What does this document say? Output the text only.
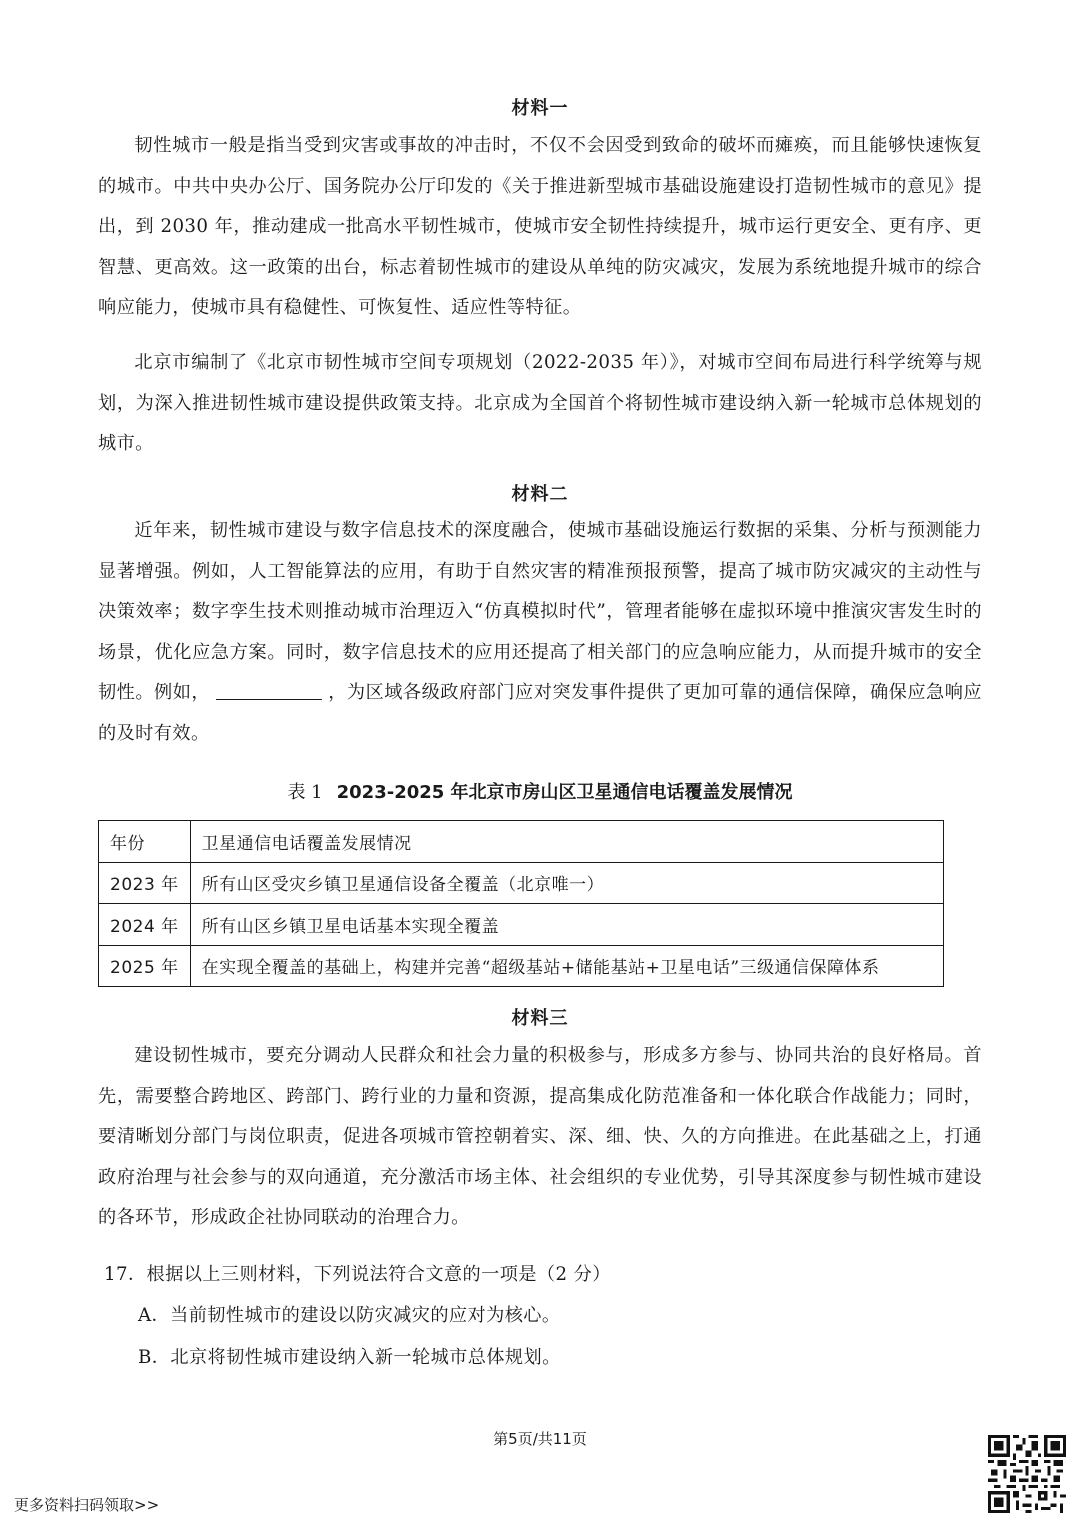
材料一

韧性城市一般是指当受到灾害或事故的冲击时，不仅不会因受到致命的破坏而瘫痪，而且能够快速恢复的城市。中共中央办公厅、国务院办公厅印发的《关于推进新型城市基础设施建设打造韧性城市的意见》提出，到 2030 年，推动建成一批高水平韧性城市，使城市安全韧性持续提升，城市运行更安全、更有序、更智慧、更高效。这一政策的出台，标志着韧性城市的建设从单纯的防灾减灾，发展为系统地提升城市的综合响应能力，使城市具有稳健性、可恢复性、适应性等特征。

北京市编制了《北京市韧性城市空间专项规划（2022-2035 年）》，对城市空间布局进行科学统筹与规划，为深入推进韧性城市建设提供政策支持。北京成为全国首个将韧性城市建设纳入新一轮城市总体规划的城市。

材料二

近年来，韧性城市建设与数字信息技术的深度融合，使城市基础设施运行数据的采集、分析与预测能力显著增强。例如，人工智能算法的应用，有助于自然灾害的精准预报预警，提高了城市防灾减灾的主动性与决策效率；数字孪生技术则推动城市治理迈入“仿真模拟时代”，管理者能够在虚拟环境中推演灾害发生时的场景，优化应急方案。同时，数字信息技术的应用还提高了相关部门的应急响应能力，从而提升城市的安全韧性。例如，	，为区域各级政府部门应对突发事件提供了更加可靠的通信保障，确保应急响应的及时有效。

表 1 2023-2025 年北京市房山区卫星通信电话覆盖发展情况
年份	卫星通信电话覆盖发展情况
2023 年	所有山区受灾乡镇卫星通信设备全覆盖（北京唯一）
2024 年	所有山区乡镇卫星电话基本实现全覆盖
2025 年	在实现全覆盖的基础上，构建并完善“超级基站+储能基站+卫星电话”三级通信保障体系
材料三

建设韧性城市，要充分调动人民群众和社会力量的积极参与，形成多方参与、协同共治的良好格局。首先，需要整合跨地区、跨部门、跨行业的力量和资源，提高集成化防范准备和一体化联合作战能力；同时，要清晰划分部门与岗位职责，促进各项城市管控朝着实、深、细、快、久的方向推进。在此基础之上，打通政府治理与社会参与的双向通道，充分激活市场主体、社会组织的专业优势，引导其深度参与韧性城市建设的各环节，形成政企社协同联动的治理合力。

17．根据以上三则材料，下列说法符合文意的一项是（2 分）
A．当前韧性城市的建设以防灾减灾的应对为核心。
B．北京将韧性城市建设纳入新一轮城市总体规划。
第5页/共11页
更多资料扫码领取>>
